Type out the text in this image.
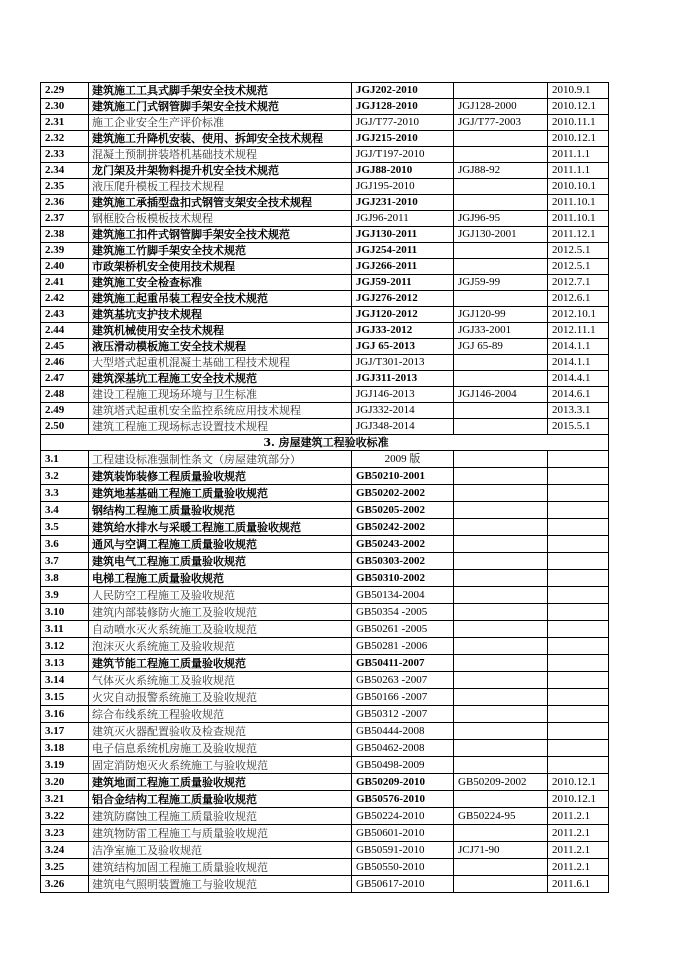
2.29	建筑施工工具式脚手架安全技术规范	JGJ202-2010		2010.9.1
2.30	建筑施工门式钢管脚手架安全技术规范	JGJ128-2010	JGJ128-2000	2010.12.1
2.31	施工企业安全生产评价标准	JGJ/T77-2010	JGJ/T77-2003	2010.11.1
2.32	建筑施工升降机安装、使用、拆卸安全技术规程	JGJ215-2010		2010.12.1
2.33	混凝土预制拼装塔机基础技术规程	JGJ/T197-2010		2011.1.1
2.34	龙门架及井架物料提升机安全技术规范	JGJ88-2010	JGJ88-92	2011.1.1
2.35	液压爬升模板工程技术规程	JGJ195-2010		2010.10.1
2.36	建筑施工承插型盘扣式钢管支架安全技术规程	JGJ231-2010		2011.10.1
2.37	钢框胶合板模板技术规程	JGJ96-2011	JGJ96-95	2011.10.1
2.38	建筑施工扣件式钢管脚手架安全技术规范	JGJ130-2011	JGJ130-2001	2011.12.1
2.39	建筑施工竹脚手架安全技术规范	JGJ254-2011		2012.5.1
2.40	市政架桥机安全使用技术规程	JGJ266-2011		2012.5.1
2.41	建筑施工安全检查标准	JGJ59-2011	JGJ59-99	2012.7.1
2.42	建筑施工起重吊装工程安全技术规范	JGJ276-2012		2012.6.1
2.43	建筑基坑支护技术规程	JGJ120-2012	JGJ120-99	2012.10.1
2.44	建筑机械使用安全技术规程	JGJ33-2012	JGJ33-2001	2012.11.1
2.45	液压滑动模板施工安全技术规程	JGJ 65-2013	JGJ 65-89	2014.1.1
2.46	大型塔式起重机混凝土基础工程技术规程	JGJ/T301-2013		2014.1.1
2.47	建筑深基坑工程施工安全技术规范	JGJ311-2013		2014.4.1
2.48	建设工程施工现场环境与卫生标准	JGJ146-2013	JGJ146-2004	2014.6.1
2.49	建筑塔式起重机安全监控系统应用技术规程	JGJ332-2014		2013.3.1
2.50	建筑工程施工现场标志设置技术规程	JGJ348-2014		2015.5.1
3. 房屋建筑工程验收标准				
3.1	工程建设标准强制性条文（房屋建筑部分）	2009 版		
3.2	建筑装饰装修工程质量验收规范	GB50210-2001		
3.3	建筑地基基础工程施工质量验收规范	GB50202-2002		
3.4	钢结构工程施工质量验收规范	GB50205-2002		
3.5	建筑给水排水与采暖工程施工质量验收规范	GB50242-2002		
3.6	通风与空调工程施工质量验收规范	GB50243-2002		
3.7	建筑电气工程施工质量验收规范	GB50303-2002		
3.8	电梯工程施工质量验收规范	GB50310-2002		
3.9	人民防空工程施工及验收规范	GB50134-2004		
3.10	建筑内部装修防火施工及验收规范	GB50354 -2005		
3.11	自动喷水灭火系统施工及验收规范	GB50261 -2005		
3.12	泡沫灭火系统施工及验收规范	GB50281 -2006		
3.13	建筑节能工程施工质量验收规范	GB50411-2007		
3.14	气体灭火系统施工及验收规范	GB50263 -2007		
3.15	火灾自动报警系统施工及验收规范	GB50166 -2007		
3.16	综合布线系统工程验收规范	GB50312 -2007		
3.17	建筑灭火器配置验收及检查规范	GB50444-2008		
3.18	电子信息系统机房施工及验收规范	GB50462-2008		
3.19	固定消防炮灭火系统施工与验收规范	GB50498-2009		
3.20	建筑地面工程施工质量验收规范	GB50209-2010	GB50209-2002	2010.12.1
3.21	铝合金结构工程施工质量验收规范	GB50576-2010		2010.12.1
3.22	建筑防腐蚀工程施工质量验收规范	GB50224-2010	GB50224-95	2011.2.1
3.23	建筑物防雷工程施工与质量验收规范	GB50601-2010		2011.2.1
3.24	洁净室施工及验收规范	GB50591-2010	JCJ71-90	2011.2.1
3.25	建筑结构加固工程施工质量验收规范	GB50550-2010		2011.2.1
3.26	建筑电气照明装置施工与验收规范	GB50617-2010		2011.6.1
